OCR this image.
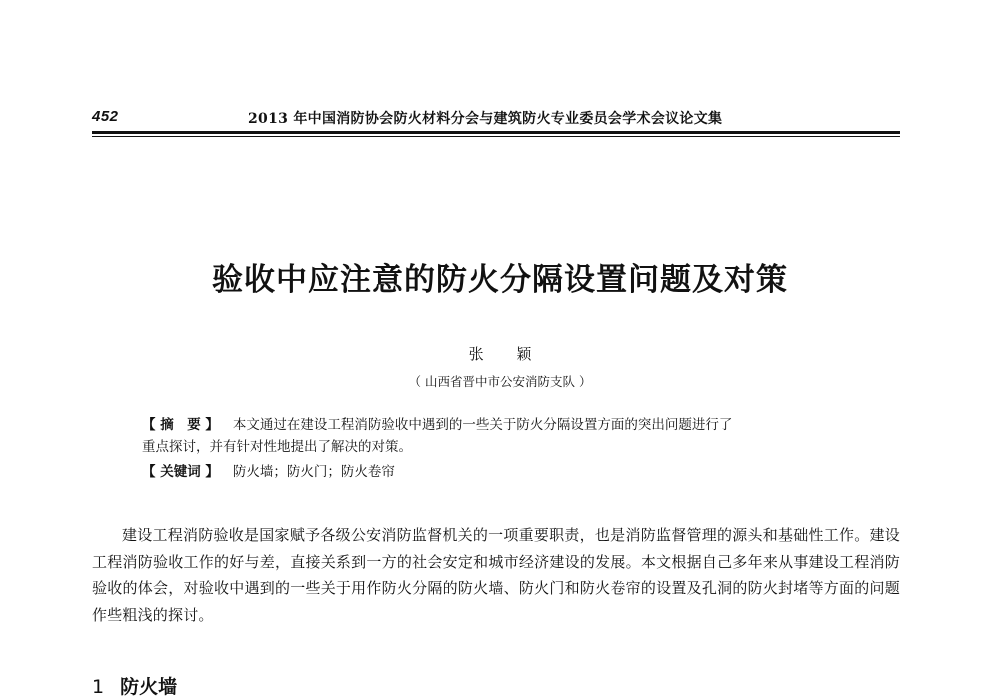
452	2013 年中国消防协会防火材料分会与建筑防火专业委员会学术会议论文集
验收中应注意的防火分隔设置问题及对策
张 颖
（ 山西省晋中市公安消防支队 ）
【 摘　要 】 本文通过在建设工程消防验收中遇到的一些关于防火分隔设置方面的突出问题进行了
重点探讨，并有针对性地提出了解决的对策。
【 关键词 】 防火墙；防火门；防火卷帘
建设工程消防验收是国家赋予各级公安消防监督机关的一项重要职责，也是消防监督管理的源头和基础性工作。建设工程消防验收工作的好与差，直接关系到一方的社会安定和城市经济建设的发展。本文根据自己多年来从事建设工程消防验收的体会，对验收中遇到的一些关于用作防火分隔的防火墙、防火门和防火卷帘的设置及孔洞的防火封堵等方面的问题作些粗浅的探讨。
1 防火墙
